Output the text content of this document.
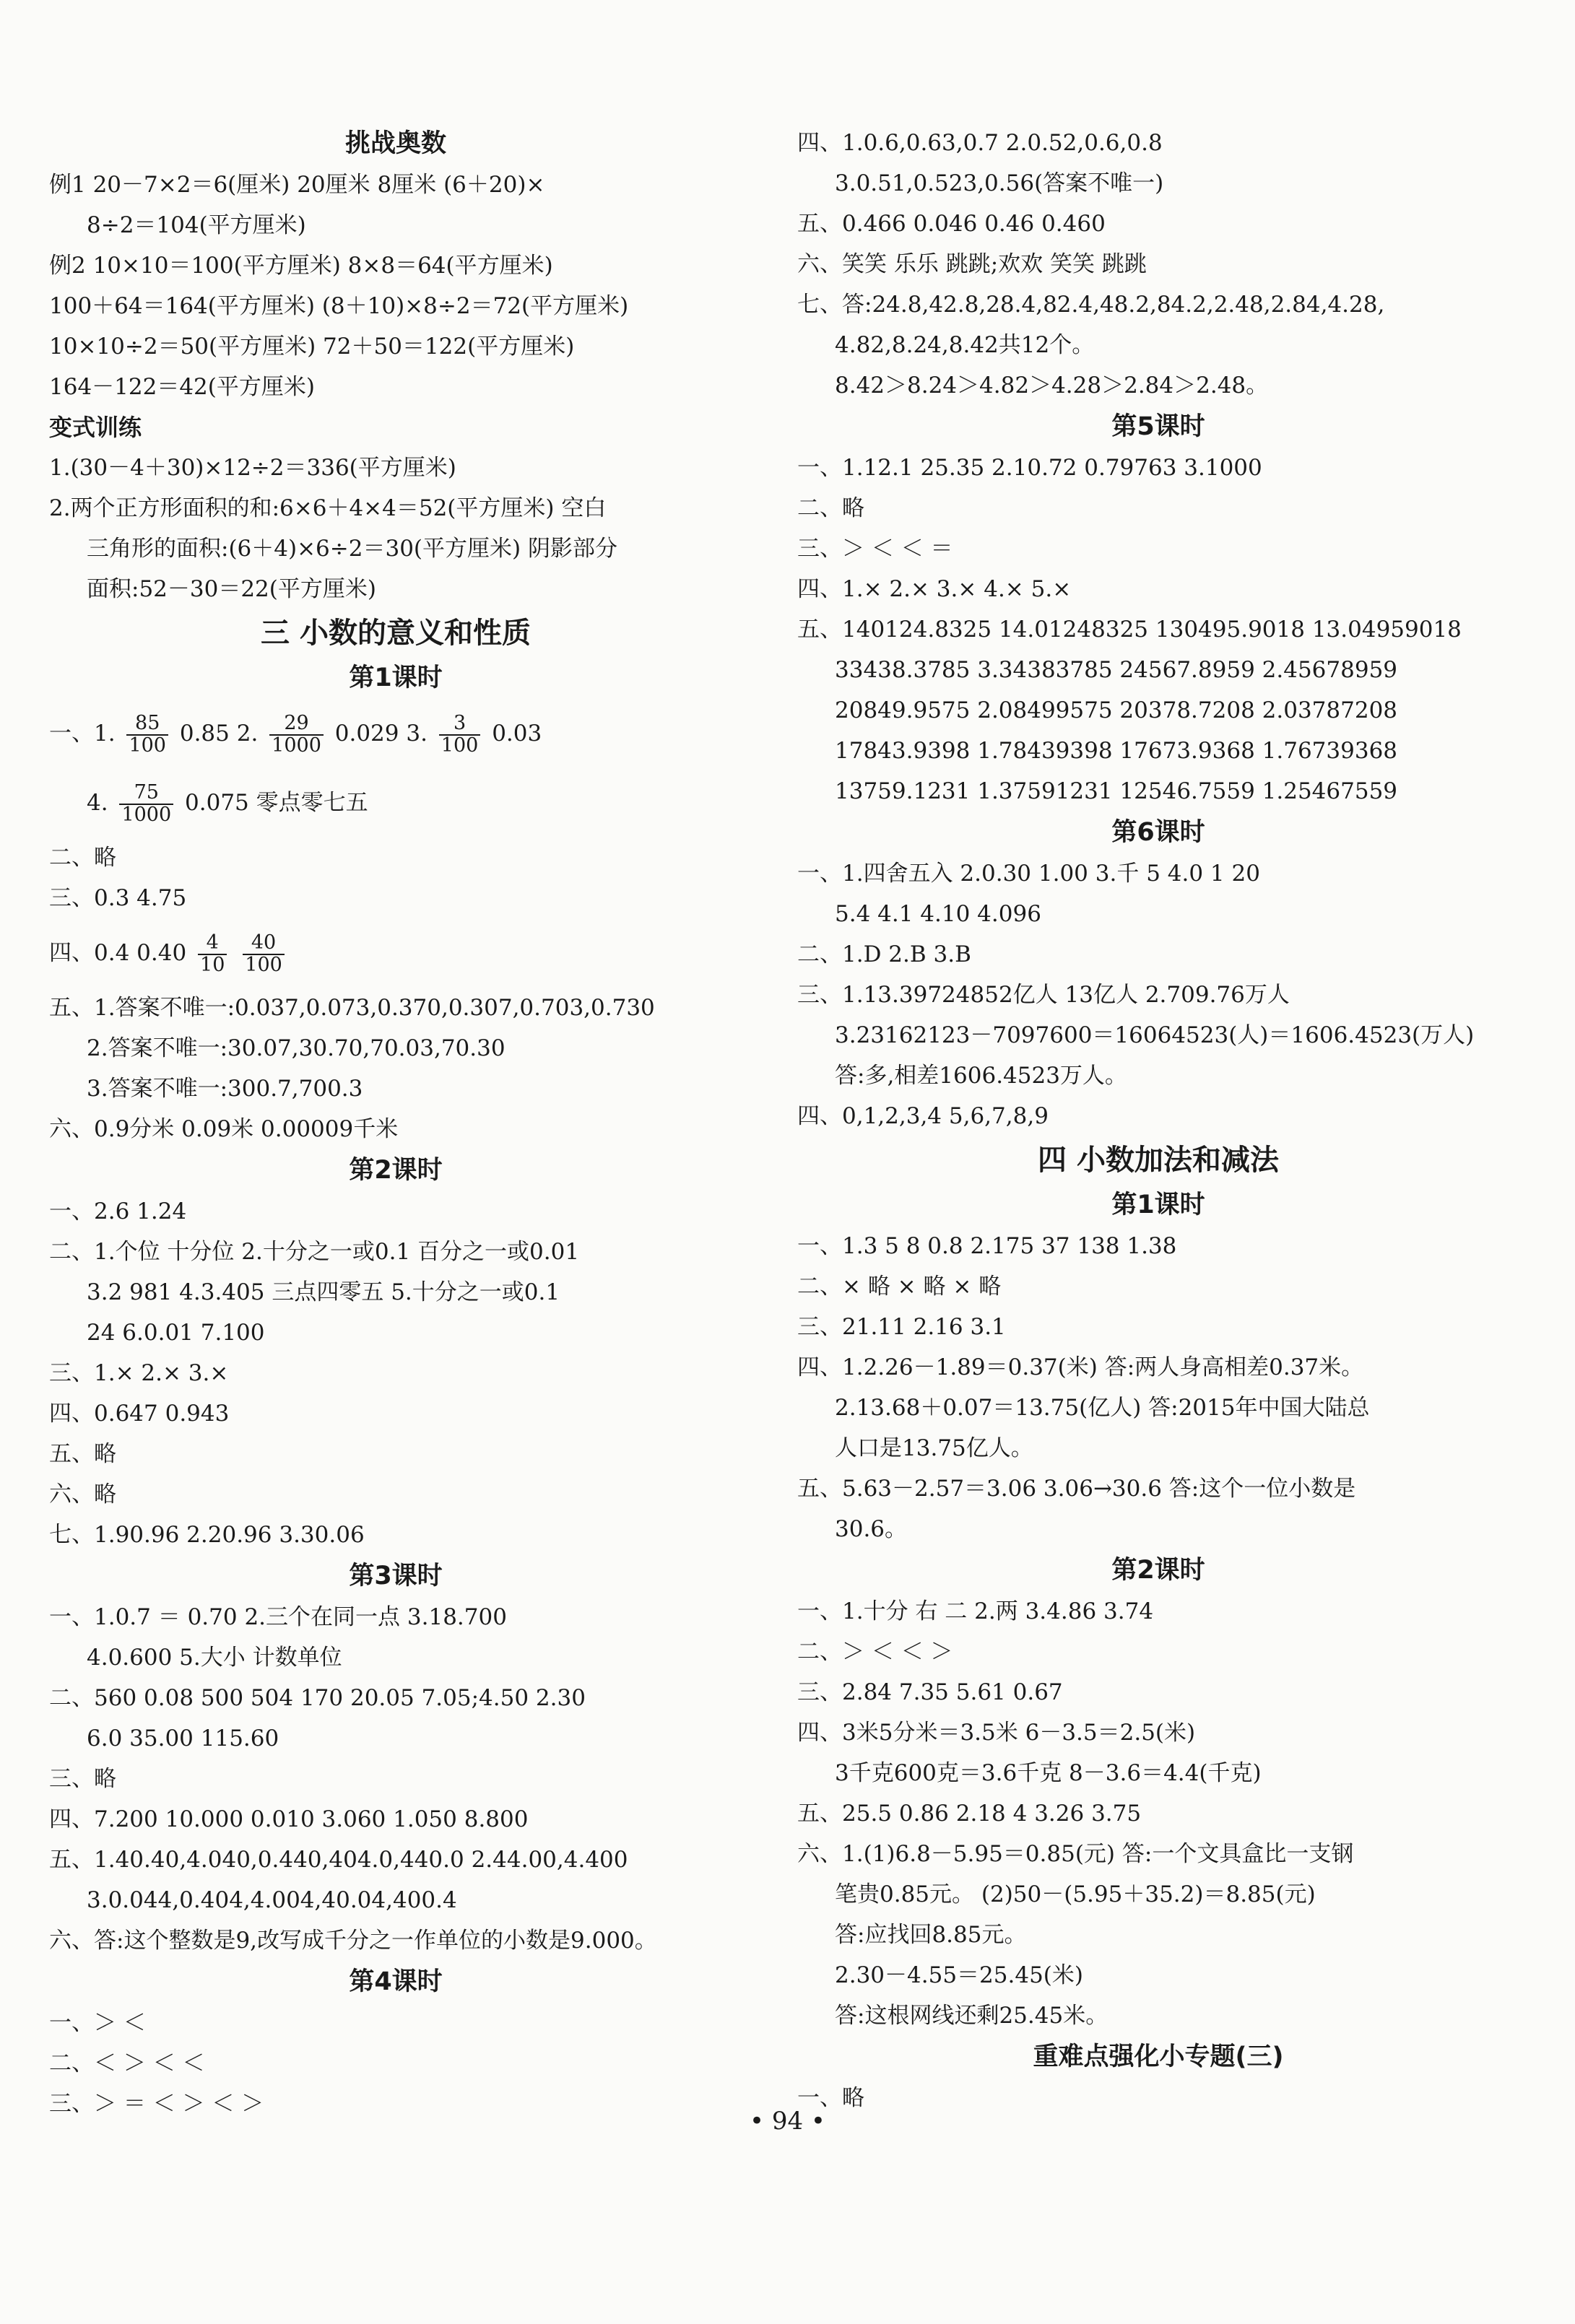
挑战奥数
例1 20－7×2＝6(厘米) 20厘米 8厘米 (6＋20)×
8÷2＝104(平方厘米)
例2 10×10＝100(平方厘米) 8×8＝64(平方厘米)
100＋64＝164(平方厘米) (8＋10)×8÷2＝72(平方厘米)
10×10÷2＝50(平方厘米) 72＋50＝122(平方厘米)
164－122＝42(平方厘米)
变式训练
1.(30－4＋30)×12÷2＝336(平方厘米)
2.两个正方形面积的和:6×6＋4×4＝52(平方厘米) 空白
三角形的面积:(6＋4)×6÷2＝30(平方厘米) 阴影部分
面积:52－30＝22(平方厘米)
三 小数的意义和性质
第1课时
一、1. $\frac{85}{100} 0.85$ 2. $\frac{29}{1000} 0.029$ 3. $\frac{3}{100} 0.03$
4. $\frac{75}{1000} 0.075$ 零点零七五
二、略
三、0.3 4.75
四、0.4 $0.40 \frac{4}{10}$
$\frac{40}{100}$
五、1.答案不唯一:0.037,0.073,0.370,0.307,0.703,0.730
2.答案不唯一:30.07,30.70,70.03,70.30
3.答案不唯一:300.7,700.3
六、0.9分米 0.09米 0.00009千米
第2课时
一、2.6 1.24
二、1.个位 十分位 2.十分之一或0.1 百分之一或0.01
3.2 981 4.3.405 三点四零五 5.十分之一或0.1
24 6.0.01 7.100
三、1.× 2.× 3.×
四、0.647 0.943
五、略
六、略
七、1.90.96 2.20.96 3.30.06
第3课时
一、1.0.7 ＝ 0.70 2.三个在同一点 3.18.700
4.0.600 5.大小 计数单位
二、560 0.08 500 504 170 20.05 7.05;4.50 2.30
6.0 35.00 115.60
三、略
四、7.200 10.000 0.010 3.060 1.050 8.800
五、1.40.40,4.040,0.440,404.0,440.0 2.44.00,4.400
3.0.044,0.404,4.004,40.04,400.4
六、答:这个整数是9,改写成千分之一作单位的小数是9.000。
第4课时
一、＞ ＜
二、＜ ＞ ＜ ＜
三、＞ ＝ ＜ ＞ ＜ ＞
四、1.0.6,0.63,0.7 2.0.52,0.6,0.8
3.0.51,0.523,0.56(答案不唯一)
五、0.466 0.046 0.46 0.460
六、笑笑 乐乐 跳跳;欢欢 笑笑 跳跳
七、答:24.8,42.8,28.4,82.4,48.2,84.2,2.48,2.84,4.28,
4.82,8.24,8.42共12个。
8.42＞8.24＞4.82＞4.28＞2.84＞2.48。
第5课时
一、1.12.1 25.35 2.10.72 0.79763 3.1000
二、略
三、＞ ＜ ＜ ＝
四、1.× 2.× 3.× 4.× 5.×
五、140124.8325 14.01248325 130495.9018 13.04959018
33438.3785 3.34383785 24567.8959 2.45678959
20849.9575 2.08499575 20378.7208 2.03787208
17843.9398 1.78439398 17673.9368 1.76739368
13759.1231 1.37591231 12546.7559 1.25467559
第6课时
一、1.四舍五入 2.0.30 1.00 3.千 5 4.0 1 20
5.4 4.1 4.10 4.096
二、1.D 2.B 3.B
三、1.13.39724852亿人 13亿人 2.709.76万人
3.23162123－7097600＝16064523(人)＝1606.4523(万人)
答:多,相差1606.4523万人。
四、0,1,2,3,4 5,6,7,8,9
四 小数加法和减法
第1课时
一、1.3 5 8 0.8 2.175 37 138 1.38
二、× 略 × 略 × 略
三、21.11 2.16 3.1
四、1.2.26－1.89＝0.37(米) 答:两人身高相差0.37米。
2.13.68＋0.07＝13.75(亿人) 答:2015年中国大陆总
人口是13.75亿人。
五、5.63－2.57＝3.06 3.06→30.6 答:这个一位小数是
30.6。
第2课时
一、1.十分 右 二 2.两 3.4.86 3.74
二、＞ ＜ ＜ ＞
三、2.84 7.35 5.61 0.67
四、3米5分米＝3.5米 6－3.5＝2.5(米)
3千克600克＝3.6千克 8－3.6＝4.4(千克)
五、25.5 0.86 2.18 4 3.26 3.75
六、1.(1)6.8－5.95＝0.85(元) 答:一个文具盒比一支钢
笔贵0.85元。 (2)50－(5.95＋35.2)＝8.85(元)
答:应找回8.85元。
2.30－4.55＝25.45(米)
答:这根网线还剩25.45米。
重难点强化小专题(三)
一、略
• 94 •
